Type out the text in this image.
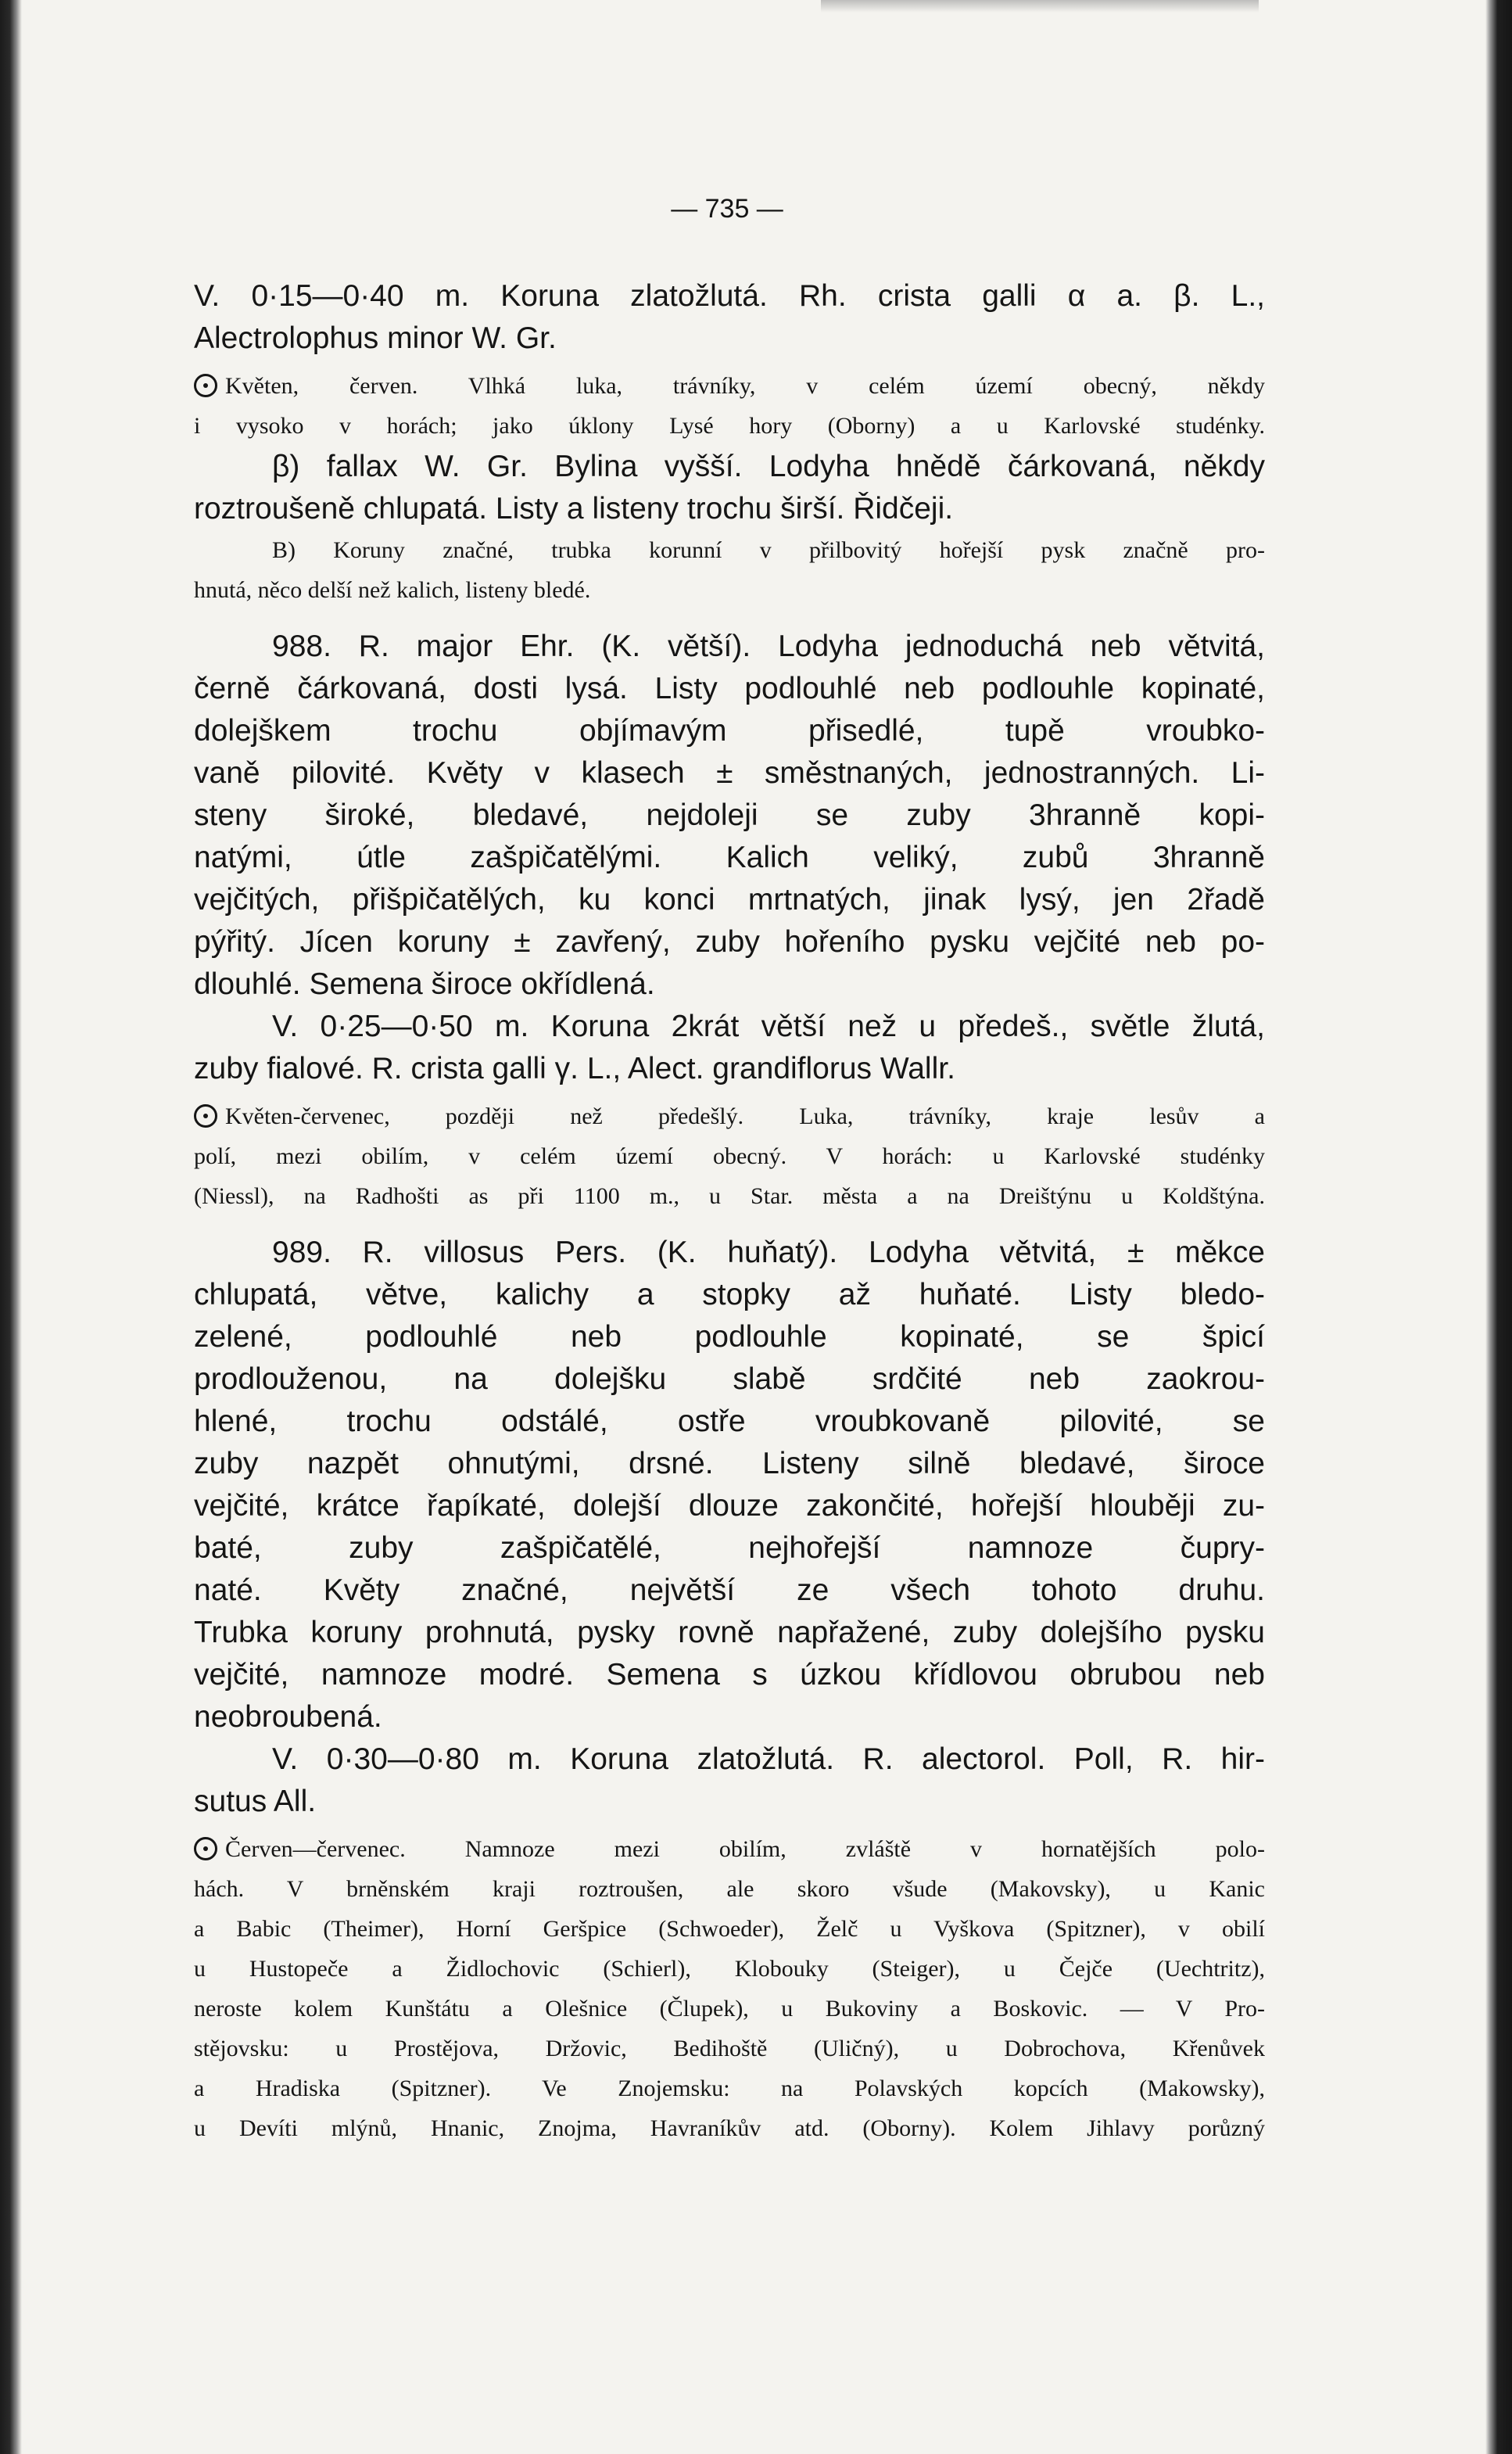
— 735 —
V. 0·15—0·40 m. Koruna zlatožlutá. Rh. crista galli α a. β. L.,
Alectrolophus minor W. Gr.
Květen, červen. Vlhká luka, trávníky, v celém území obecný, někdy
i vysoko v horách; jako úklony Lysé hory (Oborny) a u Karlovské studénky.
β) fallax W. Gr. Bylina vyšší. Lodyha hnědě čárkovaná, někdy
roztroušeně chlupatá. Listy a listeny trochu širší. Řidčeji.
B) Koruny značné, trubka korunní v přilbovitý hořejší pysk značně pro-
hnutá, něco delší než kalich, listeny bledé.
988. R. major Ehr. (K. větší). Lodyha jednoduchá neb větvitá,
černě čárkovaná, dosti lysá. Listy podlouhlé neb podlouhle kopinaté,
dolejškem trochu objímavým přisedlé, tupě vroubko-
vaně pilovité. Květy v klasech ± směstnaných, jednostranných. Li-
steny široké, bledavé, nejdoleji se zuby 3hranně kopi-
natými, útle zašpičatělými. Kalich veliký, zubů 3hranně
vejčitých, přišpičatělých, ku konci mrtnatých, jinak lysý, jen 2řadě
pýřitý. Jícen koruny ± zavřený, zuby hořeního pysku vejčité neb po-
dlouhlé. Semena široce okřídlená.
V. 0·25—0·50 m. Koruna 2krát větší než u předeš., světle žlutá,
zuby fialové. R. crista galli γ. L., Alect. grandiflorus Wallr.
Květen-červenec, později než předešlý. Luka, trávníky, kraje lesův a
polí, mezi obilím, v celém území obecný. V horách: u Karlovské studénky
(Niessl), na Radhošti as při 1100 m., u Star. města a na Dreištýnu u Koldštýna.
989. R. villosus Pers. (K. huňatý). Lodyha větvitá, ± měkce
chlupatá, větve, kalichy a stopky až huňaté. Listy bledo-
zelené, podlouhlé neb podlouhle kopinaté, se špicí
prodlouženou, na dolejšku slabě srdčité neb zaokrou-
hlené, trochu odstálé, ostře vroubkovaně pilovité, se
zuby nazpět ohnutými, drsné. Listeny silně bledavé, široce
vejčité, krátce řapíkaté, dolejší dlouze zakončité, hořejší hlouběji zu-
baté, zuby zašpičatělé, nejhořejší namnoze čupry-
naté. Květy značné, největší ze všech tohoto druhu.
Trubka koruny prohnutá, pysky rovně napřažené, zuby dolejšího pysku
vejčité, namnoze modré. Semena s úzkou křídlovou obrubou neb
neobroubená.
V. 0·30—0·80 m. Koruna zlatožlutá. R. alectorol. Poll, R. hir-
sutus All.
Červen—červenec. Namnoze mezi obilím, zvláště v hornatějších polo-
hách. V brněnském kraji roztroušen, ale skoro všude (Makovsky), u Kanic
a Babic (Theimer), Horní Geršpice (Schwoeder), Želč u Vyškova (Spitzner), v obilí
u Hustopeče a Židlochovic (Schierl), Klobouky (Steiger), u Čejče (Uechtritz),
neroste kolem Kunštátu a Olešnice (Člupek), u Bukoviny a Boskovic. — V Pro-
stějovsku: u Prostějova, Držovic, Bedihoště (Uličný), u Dobrochova, Křenůvek
a Hradiska (Spitzner). Ve Znojemsku: na Polavských kopcích (Makowsky),
u Devíti mlýnů, Hnanic, Znojma, Havraníkův atd. (Oborny). Kolem Jihlavy porůzný
